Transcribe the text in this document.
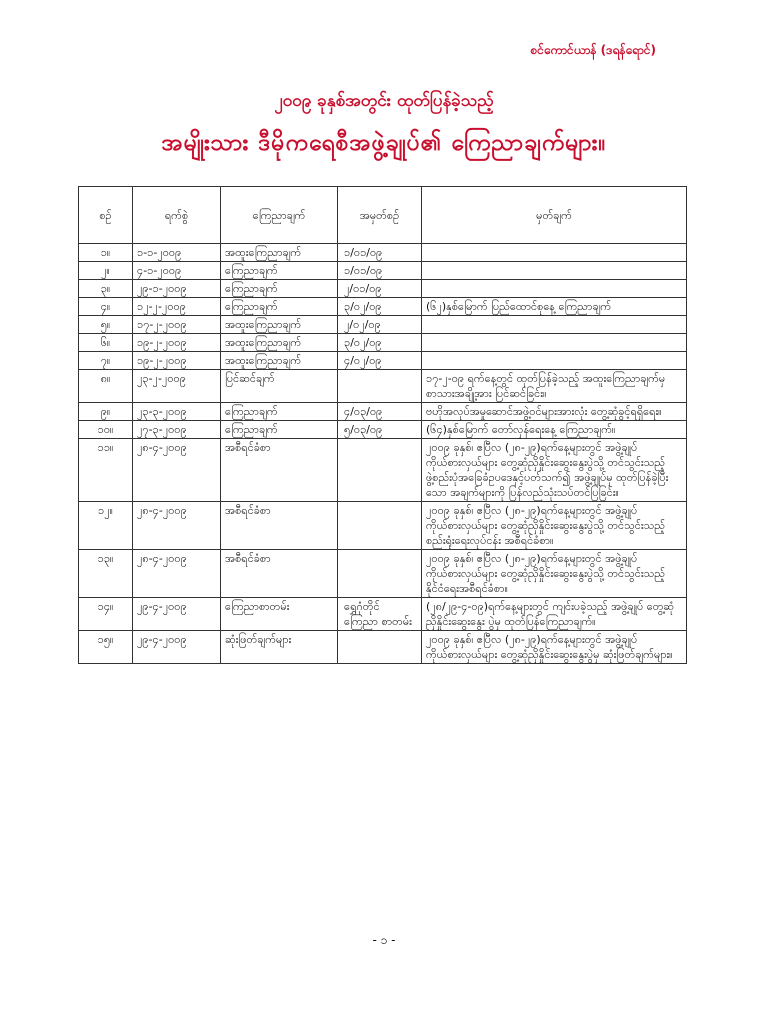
စင်ကောင်ယာန် (ဒရန်ရောင်)
၂၀၀၉ ခုနှစ်အတွင်း ထုတ်ပြန်ခဲ့သည့်
အမျိုးသား ဒီမိုကရေစီအဖွဲ့ချုပ်၏ ကြေညာချက်များ။
စဉ်	ရက်စွဲ	ကြေညာချက်	အမှတ်စဉ်	မှတ်ချက်
၁။	၁-၁-၂၀၀၉	အထူးကြေညာချက်	၁/၀၁/၀၉	
၂။	၄-၁-၂၀၀၉	ကြေညာချက်	၁/၀၁/၀၉	
၃။	၂၉-၁-၂၀၀၉	ကြေညာချက်	၂/၀၁/၀၉	
၄။	၁၂-၂-၂၀၀၉	ကြေညာချက်	၃/၀၂/၀၉	(၆၂)နှစ်မြောက် ပြည်ထောင်စုနေ့ ကြေညာချက်
၅။	၁၇-၂-၂၀၀၉	အထူးကြေညာချက်	၂/၀၂/၀၉	
၆။	၁၉-၂-၂၀၀၉	အထူးကြေညာချက်	၃/၀၂/၀၉	
၇။	၁၉-၂-၂၀၀၉	အထူးကြေညာချက်	၄/၀၂/၀၉	
၈။	၂၃-၂-၂၀၀၉	ပြင်ဆင်ချက်		၁၇-၂-၀၉ ရက်နေ့တွင် ထုတ်ပြန်ခဲ့သည့် အထူးကြေညာချက်မှ စာသားအချို့အား ပြင်ဆင်ခြင်း။
၉။	၂၃-၃-၂၀၀၉	ကြေညာချက်	၄/၀၃/၀၉	ဗဟိုအလုပ်အမှုဆောင်အဖွဲ့ဝင်များအားလုံး တွေ့ဆုံခွင့်ရရှိရေး။
၁၀။	၂၇-၃-၂၀၀၉	ကြေညာချက်	၅/၀၃/၀၉	(၆၄)နှစ်မြောက် တော်လှန်ရေးနေ့ ကြေညာချက်။
၁၁။	၂၈-၄-၂၀၀၉	အစီရင်ခံစာ		၂၀၀၉ ခုနှစ်၊ ဧပြီလ (၂၈-၂၉)ရက်နေ့များတွင် အဖွဲ့ချုပ်ကိုယ်စားလှယ်များ တွေ့ဆုံညှိနှိုင်းဆွေးနွေးပွဲသို့ တင်သွင်းသည့် ဖွဲ့စည်းပုံအခြေခံဥပဒေနှင့်ပတ်သက်၍ အဖွဲ့ချုပ်မှ ထုတ်ပြန်ခဲ့ပြီးသော အချက်များကို ပြန်လည်သုံးသပ်တင်ပြခြင်း။
၁၂။	၂၈-၄-၂၀၀၉	အစီရင်ခံစာ		၂၀၀၉ ခုနှစ်၊ ဧပြီလ (၂၈-၂၉)ရက်နေ့များတွင် အဖွဲ့ချုပ်ကိုယ်စားလှယ်များ တွေ့ဆုံညှိနှိုင်းဆွေးနွေးပွဲသို့ တင်သွင်းသည့် စည်းရုံးရေးလုပ်ငန်း အစီရင်ခံစာ။
၁၃။	၂၈-၄-၂၀၀၉	အစီရင်ခံစာ		၂၀၀၉ ခုနှစ်၊ ဧပြီလ (၂၈-၂၉)ရက်နေ့များတွင် အဖွဲ့ချုပ်ကိုယ်စားလှယ်များ တွေ့ဆုံညှိနှိုင်းဆွေးနွေးပွဲသို့ တင်သွင်းသည့် နိုင်ငံရေးအစီရင်ခံစာ။
၁၄။	၂၉-၄-၂၀၀၉	ကြေညာစာတမ်း	ရွှေဂုံတိုင် ကြေညာ စာတမ်း	(၂၈/၂၉-၄-၀၉)ရက်နေ့များတွင် ကျင်းပခဲ့သည့် အဖွဲ့ချုပ် တွေ့ဆုံညှိနှိုင်းဆွေးနွေး ပွဲမှ ထုတ်ပြန်ကြေညာချက်။
၁၅။	၂၉-၄-၂၀၀၉	ဆုံးဖြတ်ချက်များ		၂၀၀၉ ခုနှစ်၊ ဧပြီလ (၂၈-၂၉)ရက်နေ့များတွင် အဖွဲ့ချုပ်ကိုယ်စားလှယ်များ တွေ့ဆုံညှိနှိုင်းဆွေးနွေးပွဲမှ ဆုံးဖြတ်ချက်များ။
- ၁ -
